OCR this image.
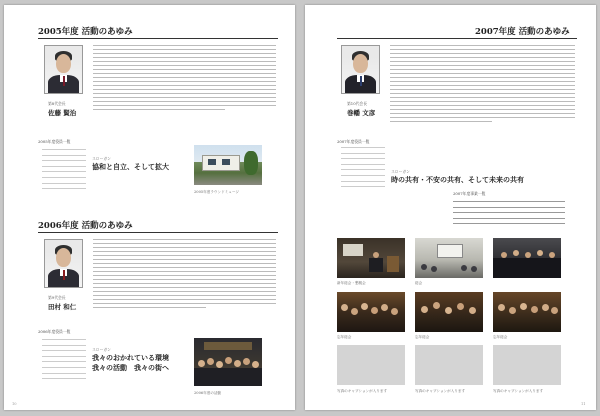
2005年度 活動のあゆみ
第8代会長
佐藤 賢治
2005年度役員一覧
スローガン
協和と自立、そして拡大
2005年度ラウンドミュージ
2006年度 活動のあゆみ
第9代会長
田村 和仁
2006年度役員一覧
スローガン
我々のおかれている環境
我々の活動　我々の街へ
2006年度の活動
10
2007年度 活動のあゆみ
第10代会長
巻幡 文彦
2007年度役員一覧
スローガン
時の共有・不安の共有、そして未来の共有
2007年度事業一覧
新年総会・懇親会	総会
忘年総会	忘年総会	忘年総会
写真のキャプションが入ります	写真のキャプションが入ります	写真のキャプションが入ります
11
